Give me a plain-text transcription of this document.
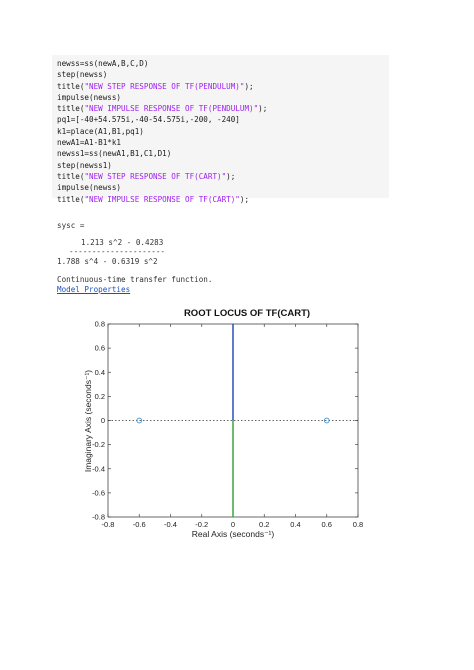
newss=ss(newA,B,C,D)
step(newss)
title("NEW STEP RESPONSE OF TF(PENDULUM)");
impulse(newss)
title("NEW IMPULSE RESPONSE OF TF(PENDULUM)");
pq1=[-40+54.575i,-40-54.575i,-200, -240]
k1=place(A1,B1,pq1)
newA1=A1-B1*k1
newss1=ss(newA1,B1,C1,D1)
step(newss1)
title("NEW STEP RESPONSE OF TF(CART)");
impulse(newss)
title("NEW IMPULSE RESPONSE OF TF(CART)");
sysc =
1.213 s^2 - 0.4283
---------------------
1.788 s^4 - 0.6319 s^2
Continuous-time transfer function.
Model Properties
ROOT LOCUS OF TF(CART)
-0.8 -0.6 -0.4 -0.2	0	0.2	0.4	0.6	0.8
0.8
0.6
0.4
0.2
0
-0.2
-0.4
-0.6
-0.8
Real Axis (seconds⁻¹)
Imaginary Axis (seconds⁻¹)
